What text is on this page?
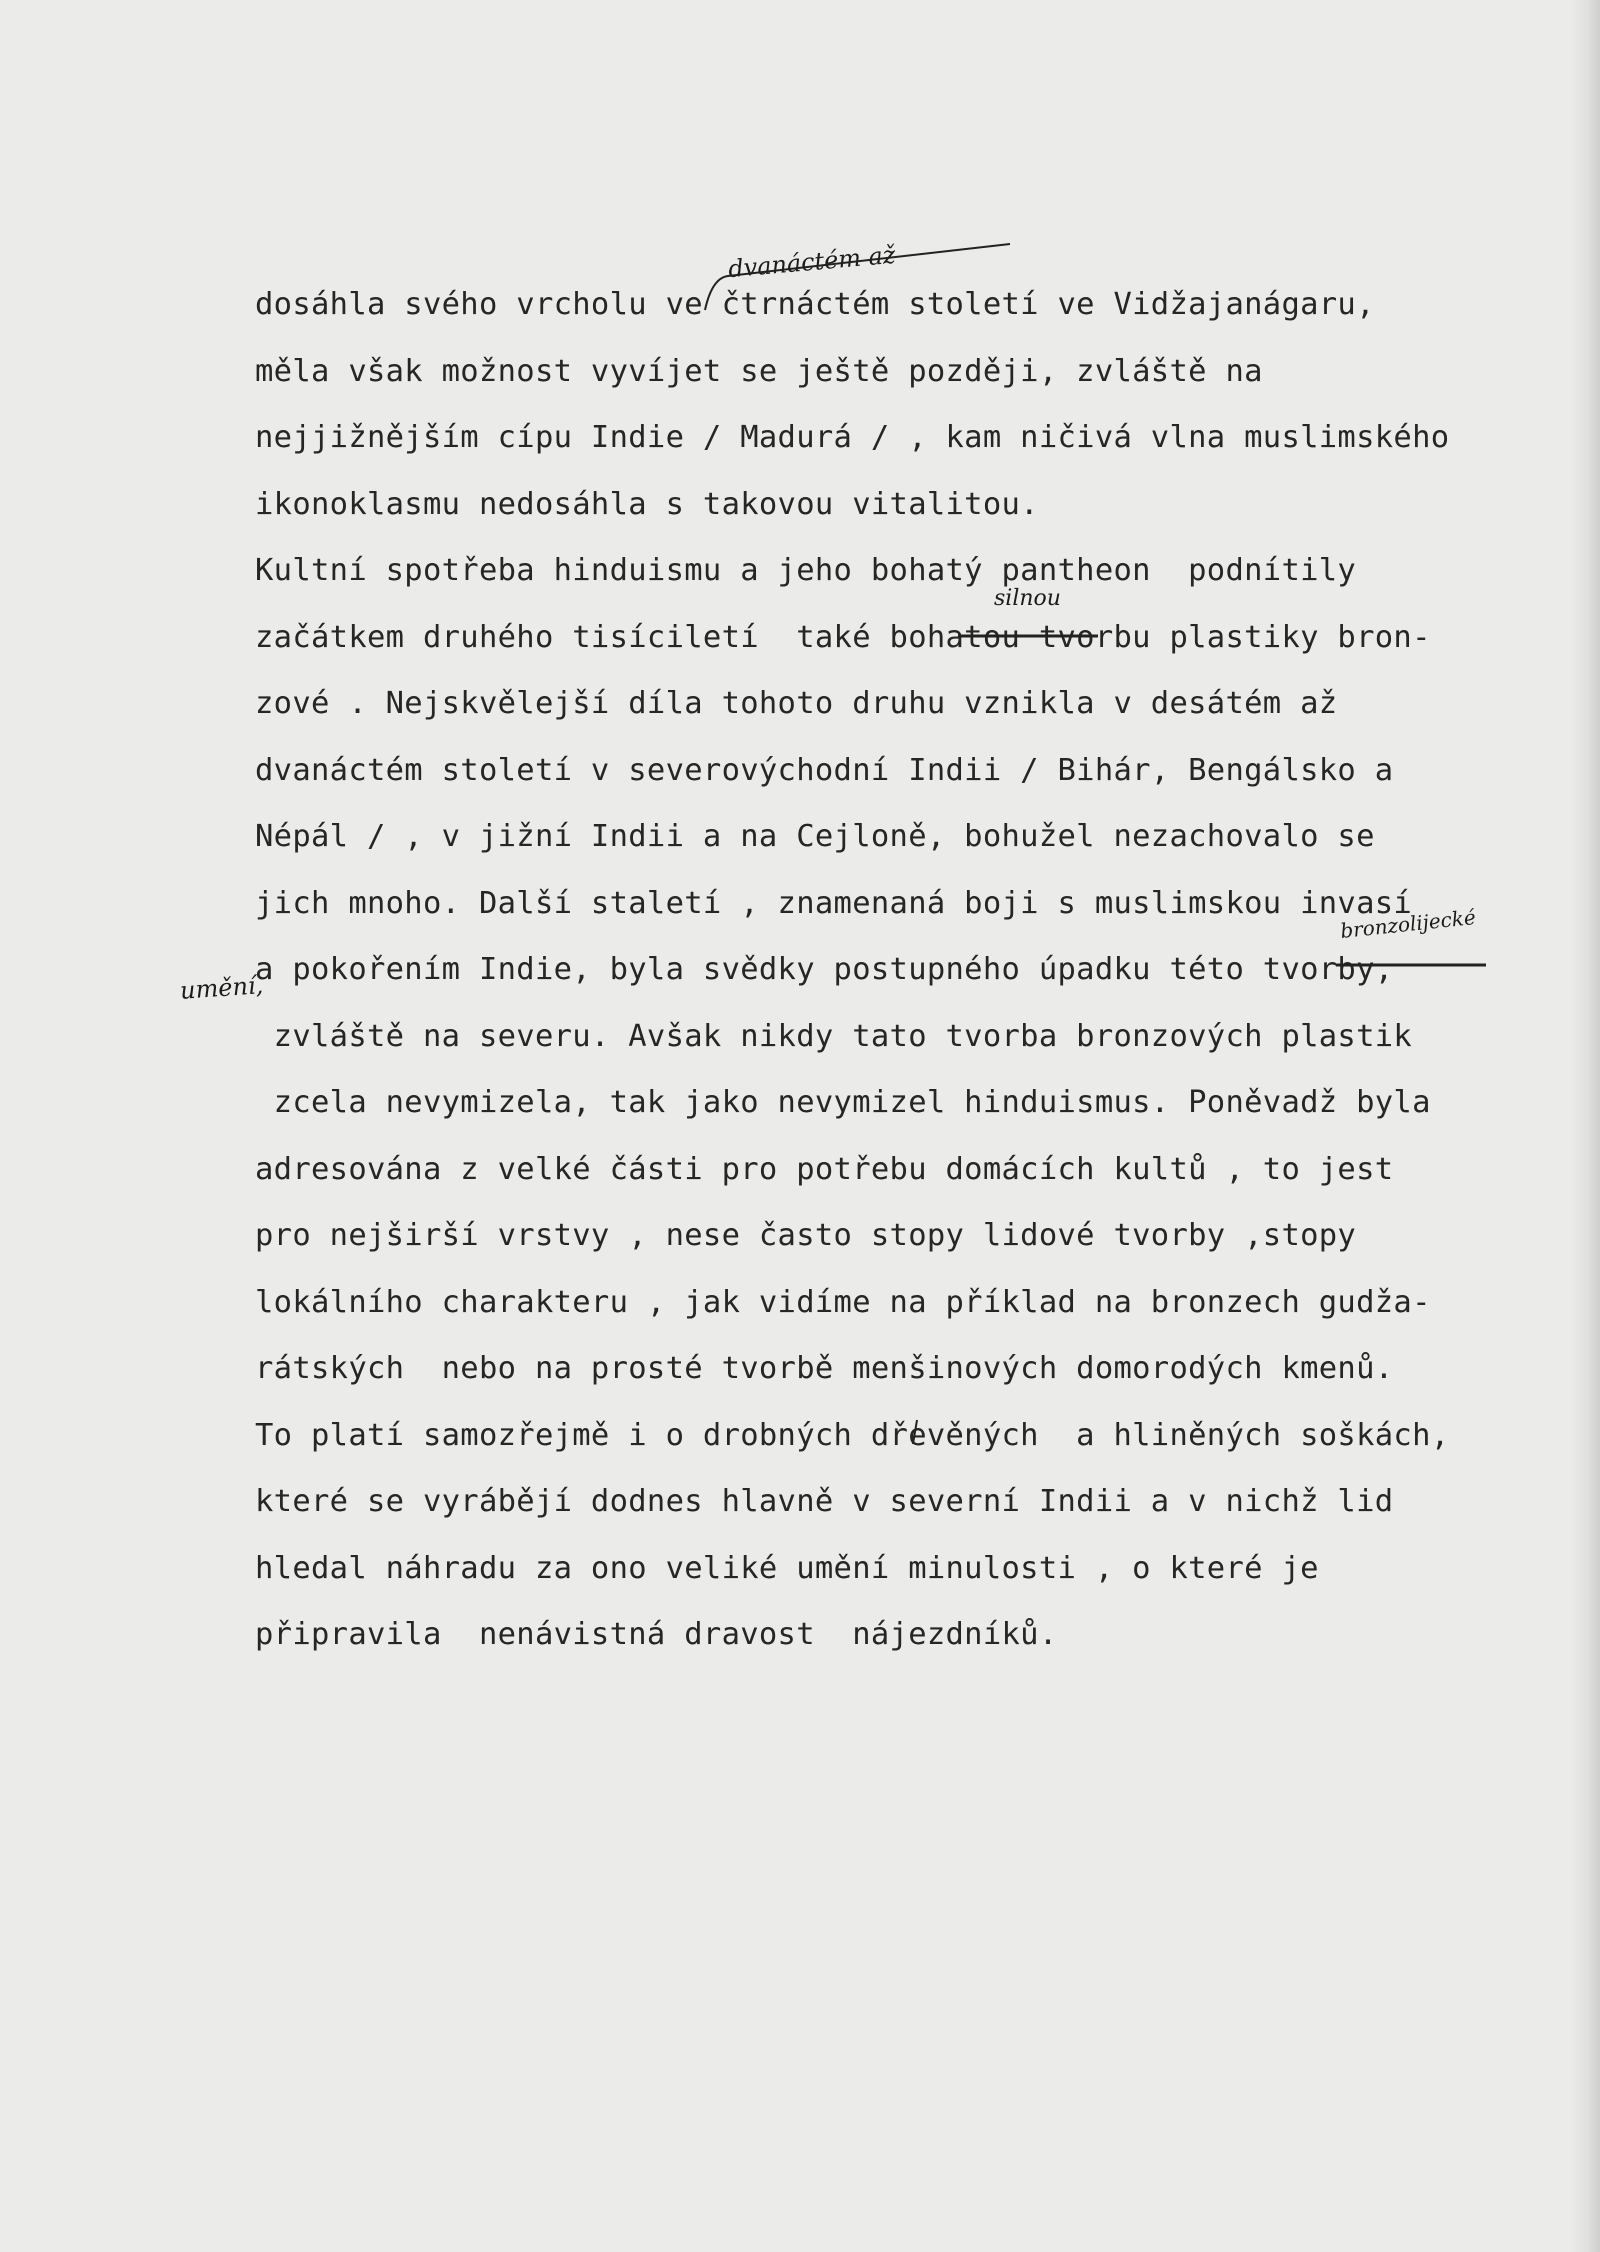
dosáhla svého vrcholu ve čtrnáctém století ve Vidžajanágaru,
měla však možnost vyvíjet se ještě později, zvláště na
nejjižnějším cípu Indie / Madurá / , kam ničivá vlna muslimského
ikonoklasmu nedosáhla s takovou vitalitou.
Kultní spotřeba hinduismu a jeho bohatý pantheon  podnítily
začátkem druhého tisíciletí  také bohatou tvorbu plastiky bron-
zové . Nejskvělejší díla tohoto druhu vznikla v desátém až
dvanáctém století v severovýchodní Indii / Bihár, Bengálsko a
Népál / , v jižní Indii a na Cejloně, bohužel nezachovalo se
jich mnoho. Další staletí , znamenaná boji s muslimskou invasí
a pokořením Indie, byla svědky postupného úpadku této tvorby,
zvláště na severu. Avšak nikdy tato tvorba bronzových plastik
zcela nevymizela, tak jako nevymizel hinduismus. Poněvadž byla
adresována z velké části pro potřebu domácích kultů , to jest
pro nejširší vrstvy , nese často stopy lidové tvorby ,stopy
lokálního charakteru , jak vidíme na příklad na bronzech gudža-
rátských  nebo na prosté tvorbě menšinových domorodých kmenů.
To platí samozřejmě i o drobných dřevěných  a hliněných soškách,
které se vyrábějí dodnes hlavně v severní Indii a v nichž lid
hledal náhradu za ono veliké umění minulosti , o které je
připravila  nenávistná dravost  nájezdníků.
dvanáctém až
silnou
bronzolijecké
umění,
